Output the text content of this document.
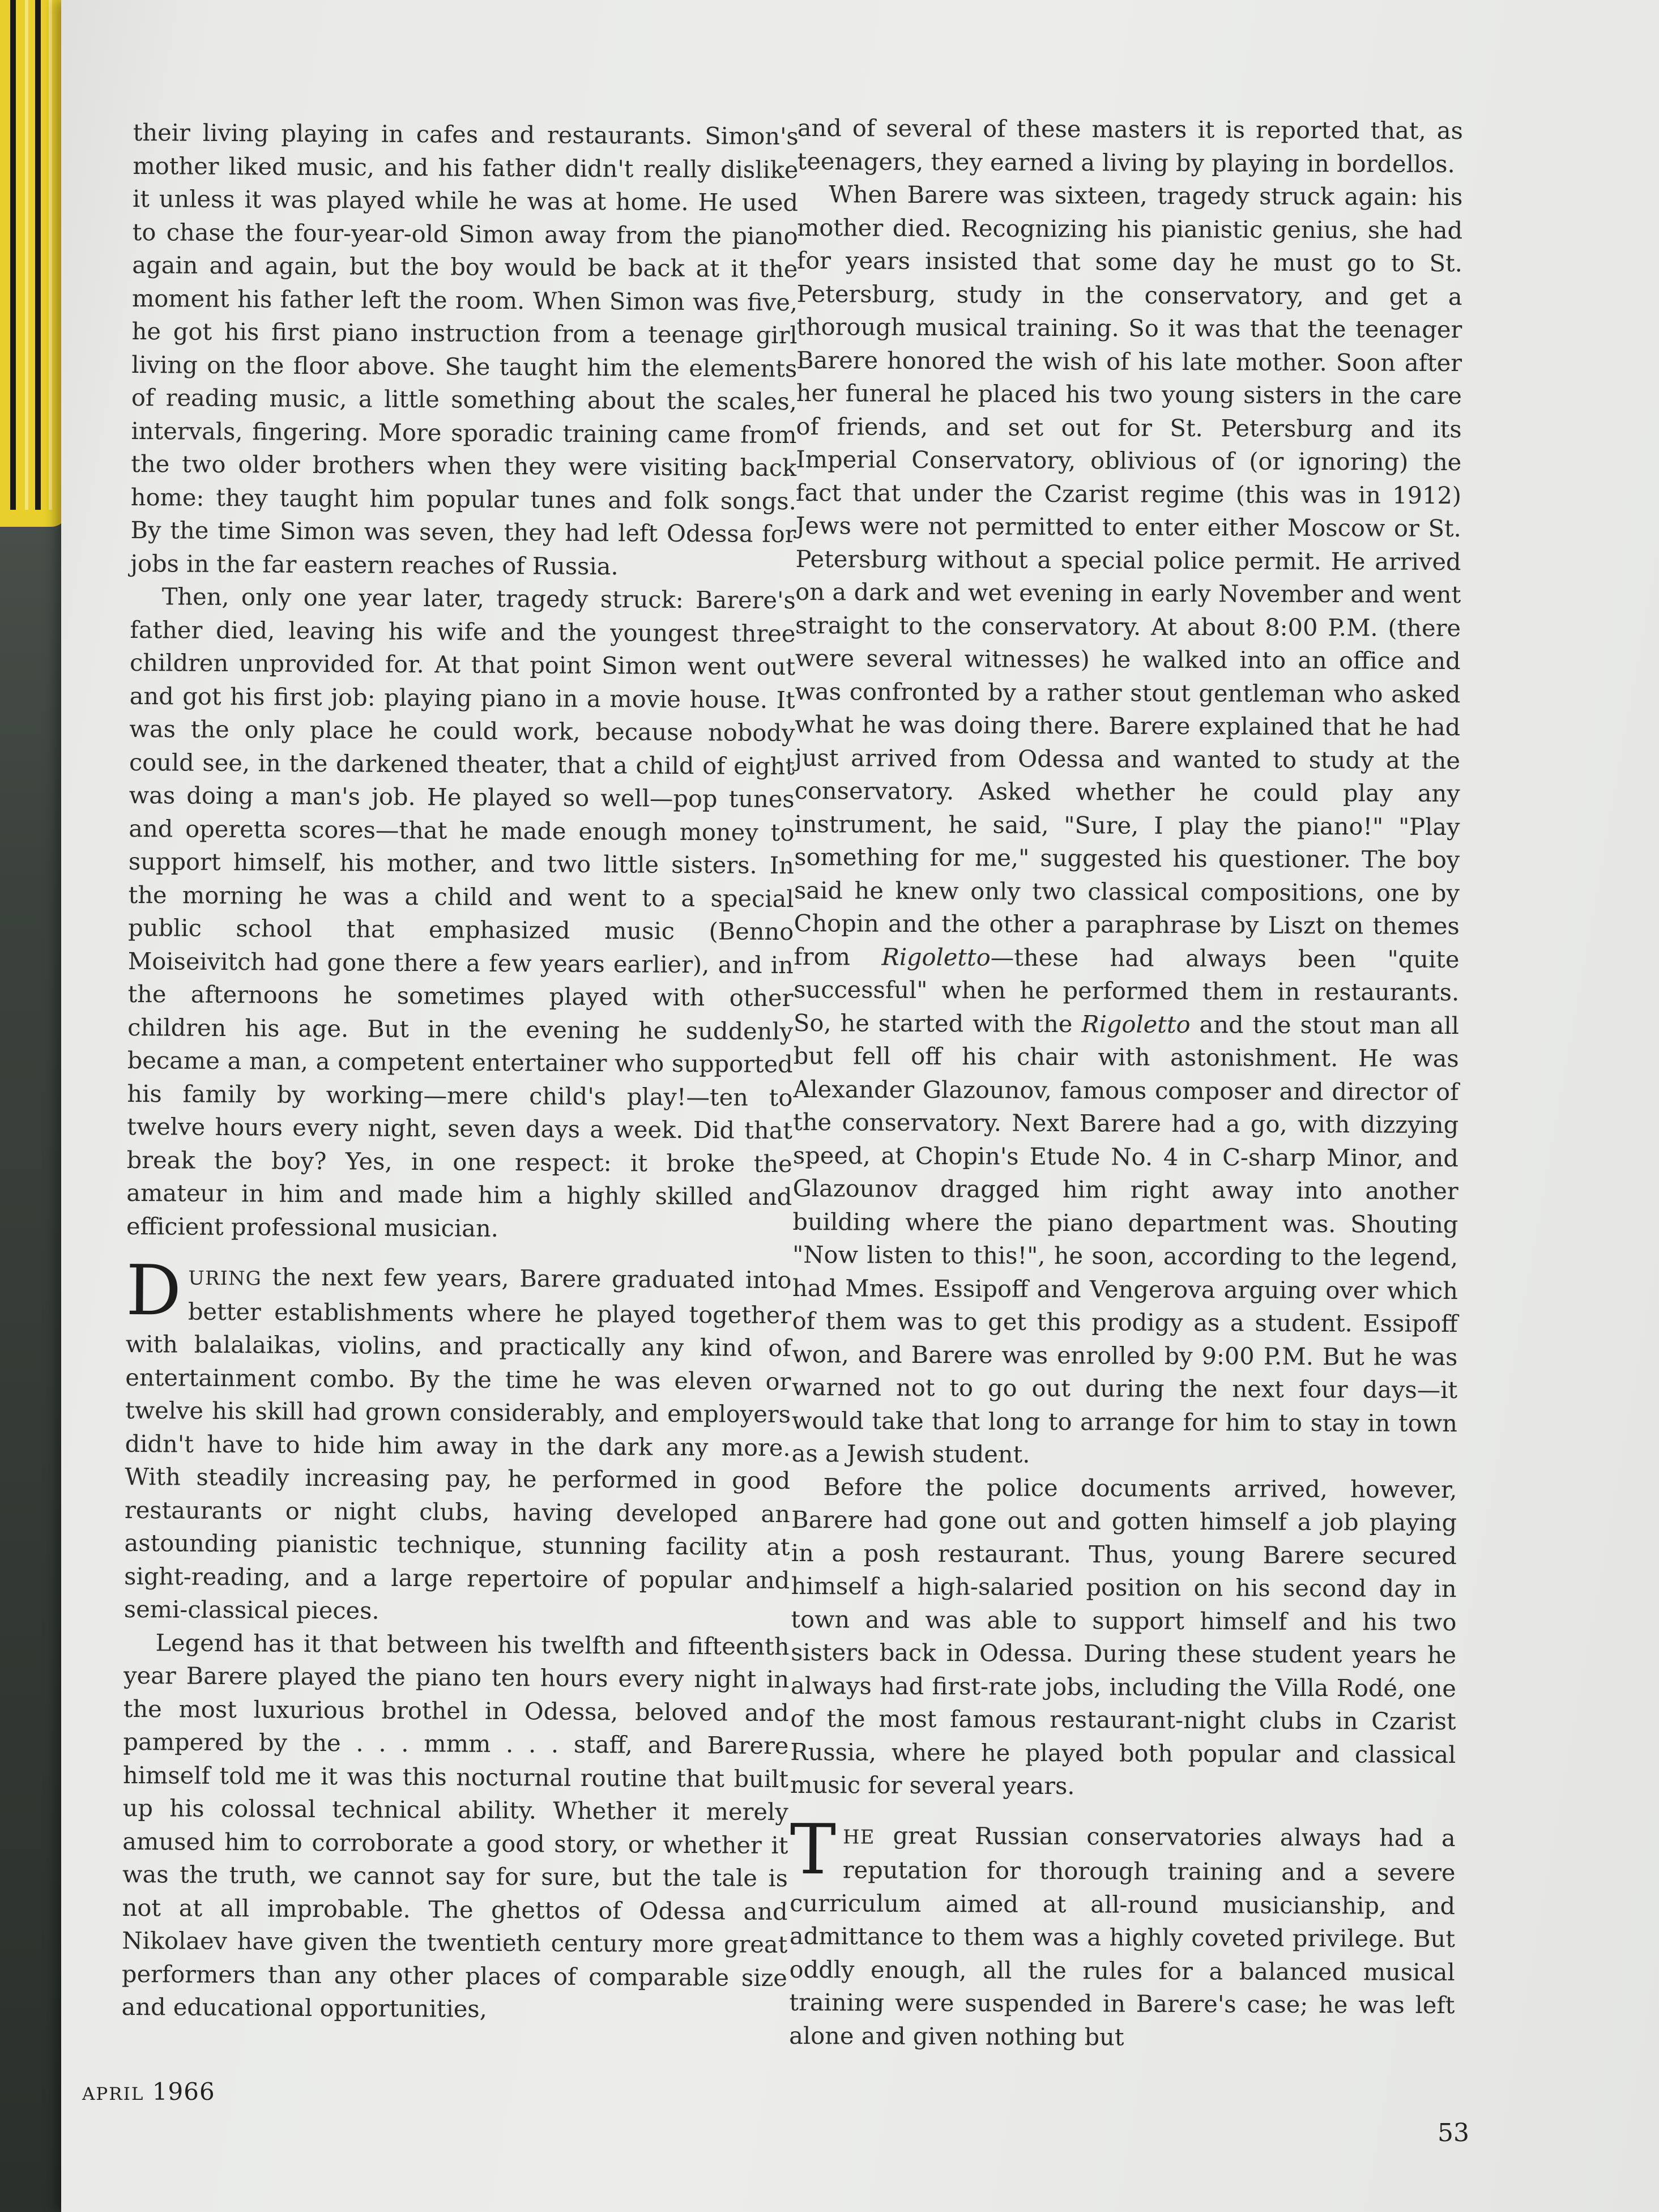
their living playing in cafes and restaurants. Simon's mother liked music, and his father didn't really dislike it unless it was played while he was at home. He used to chase the four-year-old Simon away from the piano again and again, but the boy would be back at it the moment his father left the room. When Simon was five, he got his first piano instruction from a teenage girl living on the floor above. She taught him the elements of reading music, a little something about the scales, intervals, fingering. More sporadic training came from the two older brothers when they were visiting back home: they taught him popular tunes and folk songs. By the time Simon was seven, they had left Odessa for jobs in the far eastern reaches of Russia.

Then, only one year later, tragedy struck: Barere's father died, leaving his wife and the youngest three children unprovided for. At that point Simon went out and got his first job: playing piano in a movie house. It was the only place he could work, because nobody could see, in the darkened theater, that a child of eight was doing a man's job. He played so well—pop tunes and operetta scores—that he made enough money to support himself, his mother, and two little sisters. In the morning he was a child and went to a special public school that emphasized music (Benno Moiseivitch had gone there a few years earlier), and in the afternoons he sometimes played with other children his age. But in the evening he suddenly became a man, a competent entertainer who supported his family by working—mere child's play!—ten to twelve hours every night, seven days a week. Did that break the boy? Yes, in one respect: it broke the amateur in him and made him a highly skilled and efficient professional musician.

DURING the next few years, Barere graduated into better establishments where he played together with balalaikas, violins, and practically any kind of entertainment combo. By the time he was eleven or twelve his skill had grown considerably, and employers didn't have to hide him away in the dark any more. With steadily increasing pay, he performed in good restaurants or night clubs, having developed an astounding pianistic technique, stunning facility at sight-reading, and a large repertoire of popular and semi-classical pieces.

Legend has it that between his twelfth and fifteenth year Barere played the piano ten hours every night in the most luxurious brothel in Odessa, beloved and pampered by the . . . mmm . . . staff, and Barere himself told me it was this nocturnal routine that built up his colossal technical ability. Whether it merely amused him to corroborate a good story, or whether it was the truth, we cannot say for sure, but the tale is not at all improbable. The ghettos of Odessa and Nikolaev have given the twentieth century more great performers than any other places of comparable size and educational opportunities,

and of several of these masters it is reported that, as teenagers, they earned a living by playing in bordellos.

When Barere was sixteen, tragedy struck again: his mother died. Recognizing his pianistic genius, she had for years insisted that some day he must go to St. Petersburg, study in the conservatory, and get a thorough musical training. So it was that the teenager Barere honored the wish of his late mother. Soon after her funeral he placed his two young sisters in the care of friends, and set out for St. Petersburg and its Imperial Conservatory, oblivious of (or ignoring) the fact that under the Czarist regime (this was in 1912) Jews were not permitted to enter either Moscow or St. Petersburg without a special police permit. He arrived on a dark and wet evening in early November and went straight to the conservatory. At about 8:00 P.M. (there were several witnesses) he walked into an office and was confronted by a rather stout gentleman who asked what he was doing there. Barere explained that he had just arrived from Odessa and wanted to study at the conservatory. Asked whether he could play any instrument, he said, "Sure, I play the piano!" "Play something for me," suggested his questioner. The boy said he knew only two classical compositions, one by Chopin and the other a paraphrase by Liszt on themes from Rigoletto—these had always been "quite successful" when he performed them in restaurants. So, he started with the Rigoletto and the stout man all but fell off his chair with astonishment. He was Alexander Glazounov, famous composer and director of the conservatory. Next Barere had a go, with dizzying speed, at Chopin's Etude No. 4 in C-sharp Minor, and Glazounov dragged him right away into another building where the piano department was. Shouting "Now listen to this!", he soon, according to the legend, had Mmes. Essipoff and Vengerova arguing over which of them was to get this prodigy as a student. Essipoff won, and Barere was enrolled by 9:00 P.M. But he was warned not to go out during the next four days—it would take that long to arrange for him to stay in town as a Jewish student.

Before the police documents arrived, however, Barere had gone out and gotten himself a job playing in a posh restaurant. Thus, young Barere secured himself a high-salaried position on his second day in town and was able to support himself and his two sisters back in Odessa. During these student years he always had first-rate jobs, including the Villa Rodé, one of the most famous restaurant-night clubs in Czarist Russia, where he played both popular and classical music for several years.

THE great Russian conservatories always had a reputation for thorough training and a severe curriculum aimed at all-round musicianship, and admittance to them was a highly coveted privilege. But oddly enough, all the rules for a balanced musical training were suspended in Barere's case; he was left alone and given nothing but

APRIL 1966
53
